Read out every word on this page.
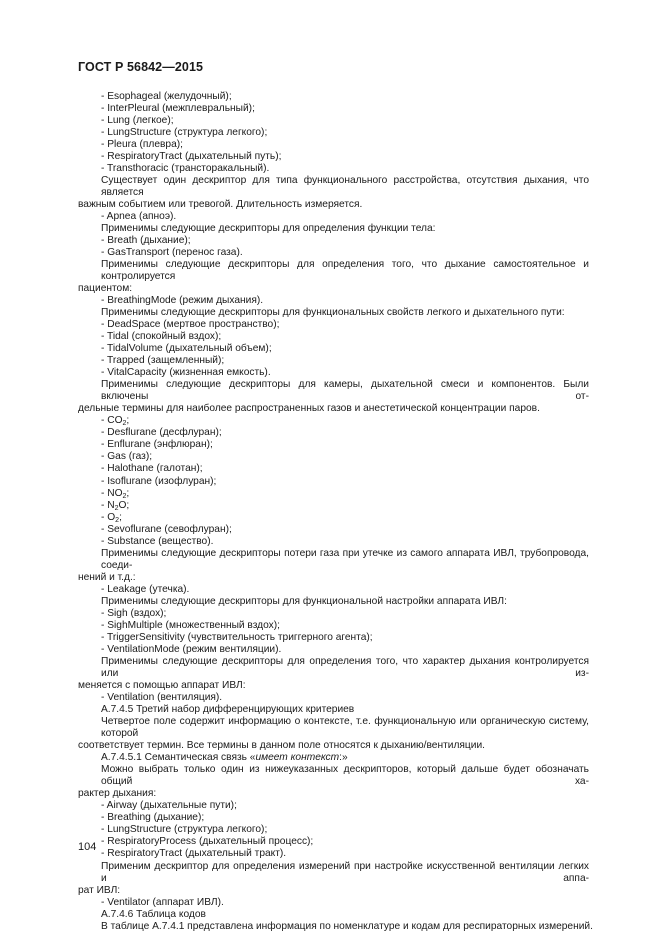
ГОСТ Р 56842—2015
- Esophageal (желудочный);
- InterPleural (межплевральный);
- Lung (легкое);
- LungStructure (структура легкого);
- Pleura (плевра);
- RespiratoryTract (дыхательный путь);
- Transthoracic (трансторакальный).
Существует один дескриптор для типа функционального расстройства, отсутствия дыхания, что является
важным событием или тревогой. Длительность измеряется.
- Apnea (апноэ).
Применимы следующие дескрипторы для определения функции тела:
- Breath (дыхание);
- GasTransport (перенос газа).
Применимы следующие дескрипторы для определения того, что дыхание самостоятельное и контролируется
пациентом:
- BreathingMode (режим дыхания).
Применимы следующие дескрипторы для функциональных свойств легкого и дыхательного пути:
- DeadSpace (мертвое пространство);
- Tidal (спокойный вздох);
- TidalVolume (дыхательный объем);
- Trapped (защемленный);
- VitalCapacity (жизненная емкость).
Применимы следующие дескрипторы для камеры, дыхательной смеси и компонентов. Были включены от-
дельные термины для наиболее распространенных газов и анестетической концентрации паров.
- $CO_2$;
- Desflurane (десфлуран);
- Enflurane (энфлюран);
- Gas (газ);
- Halothane (галотан);
- Isoflurane (изофлуран);
- $NO_2$;
- $N_2O$;
- $O_2$;
- Sevoflurane (севофлуран);
- Substance (вещество).
Применимы следующие дескрипторы потери газа при утечке из самого аппарата ИВЛ, трубопровода, соеди-
нений и т.д.:
- Leakage (утечка).
Применимы следующие дескрипторы для функциональной настройки аппарата ИВЛ:
- Sigh (вздох);
- SighMultiple (множественный вздох);
- TriggerSensitivity (чувствительность триггерного агента);
- VentilationMode (режим вентиляции).
Применимы следующие дескрипторы для определения того, что характер дыхания контролируется или из-
меняется с помощью аппарат ИВЛ:
- Ventilation (вентиляция).
А.7.4.5 Третий набор дифференцирующих критериев
Четвертое поле содержит информацию о контексте, т.е. функциональную или органическую систему, которой
соответствует термин. Все термины в данном поле относятся к дыханию/вентиляции.
А.7.4.5.1 Семантическая связь «имеет контекст:»
Можно выбрать только один из нижеуказанных дескрипторов, который дальше будет обозначать общий ха-
рактер дыхания:
- Airway (дыхательные пути);
- Breathing (дыхание);
- LungStructure (структура легкого);
- RespiratoryProcess (дыхательный процесс);
- RespiratoryTract (дыхательный тракт).
Применим дескриптор для определения измерений при настройке искусственной вентиляции легких и аппа-
рат ИВЛ:
- Ventilator (аппарат ИВЛ).
А.7.4.6 Таблица кодов
В таблице А.7.4.1 представлена информация по номенклатуре и кодам для респираторных измерений.
104
